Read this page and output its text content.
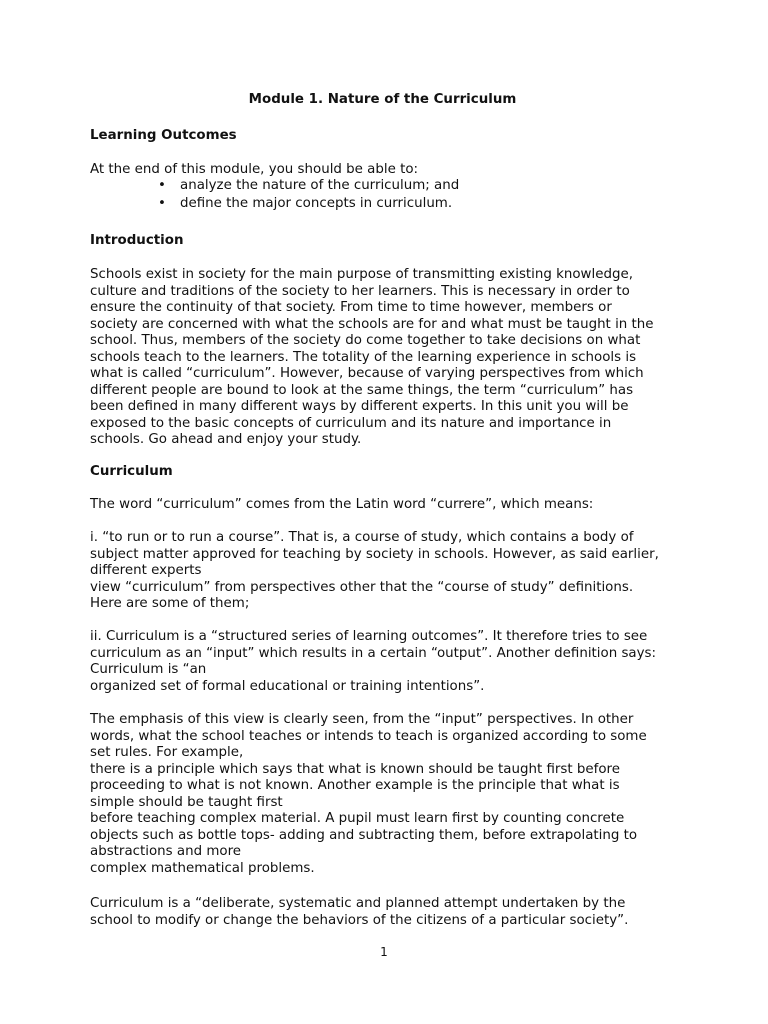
Module 1. Nature of the Curriculum
Learning Outcomes
At the end of this module, you should be able to:
• analyze the nature of the curriculum; and
• define the major concepts in curriculum.
Introduction
Schools exist in society for the main purpose of transmitting existing knowledge,
culture and traditions of the society to her learners. This is necessary in order to
ensure the continuity of that society. From time to time however, members or
society are concerned with what the schools are for and what must be taught in the
school. Thus, members of the society do come together to take decisions on what
schools teach to the learners. The totality of the learning experience in schools is
what is called “curriculum”. However, because of varying perspectives from which
different people are bound to look at the same things, the term “curriculum” has
been defined in many different ways by different experts. In this unit you will be
exposed to the basic concepts of curriculum and its nature and importance in
schools. Go ahead and enjoy your study.
Curriculum
The word “curriculum” comes from the Latin word “currere”, which means:
i. “to run or to run a course”. That is, a course of study, which contains a body of
subject matter approved for teaching by society in schools. However, as said earlier,
different experts
view “curriculum” from perspectives other that the “course of study” definitions.
Here are some of them;
ii. Curriculum is a “structured series of learning outcomes”. It therefore tries to see
curriculum as an “input” which results in a certain “output”. Another definition says:
Curriculum is “an
organized set of formal educational or training intentions”.
The emphasis of this view is clearly seen, from the “input” perspectives. In other
words, what the school teaches or intends to teach is organized according to some
set rules. For example,
there is a principle which says that what is known should be taught first before
proceeding to what is not known. Another example is the principle that what is
simple should be taught first
before teaching complex material. A pupil must learn first by counting concrete
objects such as bottle tops- adding and subtracting them, before extrapolating to
abstractions and more
complex mathematical problems.
Curriculum is a “deliberate, systematic and planned attempt undertaken by the
school to modify or change the behaviors of the citizens of a particular society”.
1
